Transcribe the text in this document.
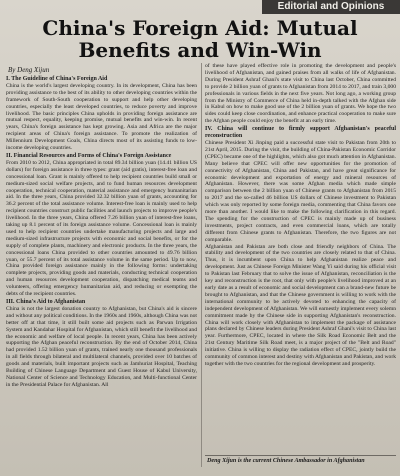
Editorial and Opinions
China's Foreign Aid: Mutual
Benefits and Win-Win
By Deng Xijun

I. The Guideline of China's Foreign Aid

China is the world's largest developing country. In its development, China has been providing assistance to the best of its ability to other developing countries within the framework of South-South cooperation to support and help other developing countries, especially the least developed countries, to reduce poverty and improve livelihood. The basic principles China upholds in providing foreign assistance are mutual respect, equality, keeping promise, mutual benefits and win-win. In recent years, China's foreign assistance has kept growing. Asia and Africa are the major recipient areas of China's foreign assistance. To promote the realization of Millennium Development Goals, China directs most of its assisting funds to low-income developing countries.

II. Financial Resources and Forms of China's Foreign Assistance

From 2010 to 2012, China appropriated in total 89.34 billion yuan (14.41 billion US dollars) for foreign assistance in three types: grant (aid gratis), interest-free loan and concessional loan. Grant is mainly offered to help recipient countries build small or medium-sized social welfare projects, and to fund human resources development cooperation, technical cooperation, material assistance and emergency humanitarian aid. In the three years, China provided 32.32 billion yuan of grants, accounting for 36.2 percent of the total assistance volume. Interest-free loan is mainly used to help recipient countries construct public facilities and launch projects to improve people's livelihood. In the three years, China offered 7.26 billion yuan of interest-free loans, taking up 8.1 percent of its foreign assistance volume. Concessional loan is mainly used to help recipient countries undertake manufacturing projects and large and medium-sized infrastructure projects with economic and social benefits, or for the supply of complete plants, machinery and electronic products. In the three years, the concessional loans China provided to other countries amounted to 49.76 billion yuan, or 55.7 percent of its total assistance volume in the same period. Up to now, China provided foreign assistance mainly in the following forms: undertaking complete projects, providing goods and materials, conducting technical cooperation and human resources development cooperation, dispatching medical teams and volunteers, offering emergency humanitarian aid, and reducing or exempting the debts of the recipient countries.

III. China's Aid to Afghanistan

China is not the largest donation country to Afghanistan, but China's aid is sincere and without any political conditions. In the 1960s and 1960s, although China was not better off at that time, it still built some aid projects such as Parwan Irrigation System and Kandahar Hospital for Afghanistan, which still benefit the livelihood and the economic and welfare of local people. In recent years, China has been actively supporting the Afghan peaceful reconstruction. By the end of October 2014, China had provided 1.52 billion yuan of grants, trained nearly one thousand professionals in all fields through bilateral and multilateral channels, provided over 10 batches of goods and materials, built important projects such as Jamhuriat Hospital, Teaching Building of Chinese Language Department and Guest House of Kabul University, National Center of Science and Technology Education, and Multi-functional Center in the Presidential Palace for Afghanistan. All

of these have played effective role in promoting the development and people's livelihood of Afghanistan, and gained praises from all walks of life of Afghanistan. During President Ashraf Ghani's state visit to China last October, China committed to provide 2 billion yuan of grants to Afghanistan from 2014 to 2017, and train 3,000 professionals in various fields in the next five years. Not long ago, a working group from the Ministry of Commerce of China held in-depth talked with the Afghan side in Kabul on how to make good use of the 2 billion yuan of grants. We hope the two sides could keep close coordination, and enhance practical cooperation to make sure the Afghan people could enjoy the benefit at an early time.

IV. China will continue to firmly support Afghanistan's peaceful reconstruction

Chinese President Xi Jinping paid a successful state visit to Pakistan from 20th to 21st April, 2015. During the visit, the building of China-Pakistan Economic Corridor (CPEC) became one of the highlights, which also got much attention in Afghanistan. Many believe that CPEC will offer new opportunities for the promotion of connectivity of Afghanistan, China and Pakistan, and have great significance for economic development and exportation of energy and mineral resources of Afghanistan. However, there was some Afghan media which made simple comparison between the 2 billion yuan of Chinese grants to Afghanistan from 2015 to 2017 and the so-called 46 billion US dollars of Chinese investment to Pakistan which was only reported by some foreign media, commenting that China favors one more than another. I would like to make the following clarification in this regard. The spending for the construction of CPEC is mainly made up of business investments, project contracts, and even commercial loans, which are totally different from Chinese grants to Afghanistan. Therefore, the two figures are not comparable.

Afghanistan and Pakistan are both close and friendly neighbors of China. The stability and development of the two countries are closely related to that of China. Thus, it is incumbent upon China to help Afghanistan realize peace and development. Just as Chinese Foreign Minister Wang Yi said during his official visit to Pakistan last February that to solve the issue of Afghanistan, reconciliation is the key and reconstruction is the root, that only with people's livelihood improved at an early date as a result of economic and social development can a brand-new future be brought to Afghanistan, and that the Chinese government is willing to work with the international community to be actively devoted to enhancing the capacity of independent development of Afghanistan. We will earnestly implement every solemn commitment made by the Chinese side in supporting Afghanistan's reconstruction. China will work closely with Afghanistan to implement the package of assistance plans declared by Chinese leaders during President Ashraf Ghani's visit to China last year. Furthermore, CPEC, located in where the Silk Road Economic Belt and the 21st Century Maritime Silk Road meet, is a major project of the "Belt and Road" initiative. China is willing to display the radiation effect of CPEC, jointly build the community of common interest and destiny with Afghanistan and Pakistan, and work together with the two countries for the regional development and prosperity.

Deng Xijun is the current Chinese Ambassador in Afghanistan
